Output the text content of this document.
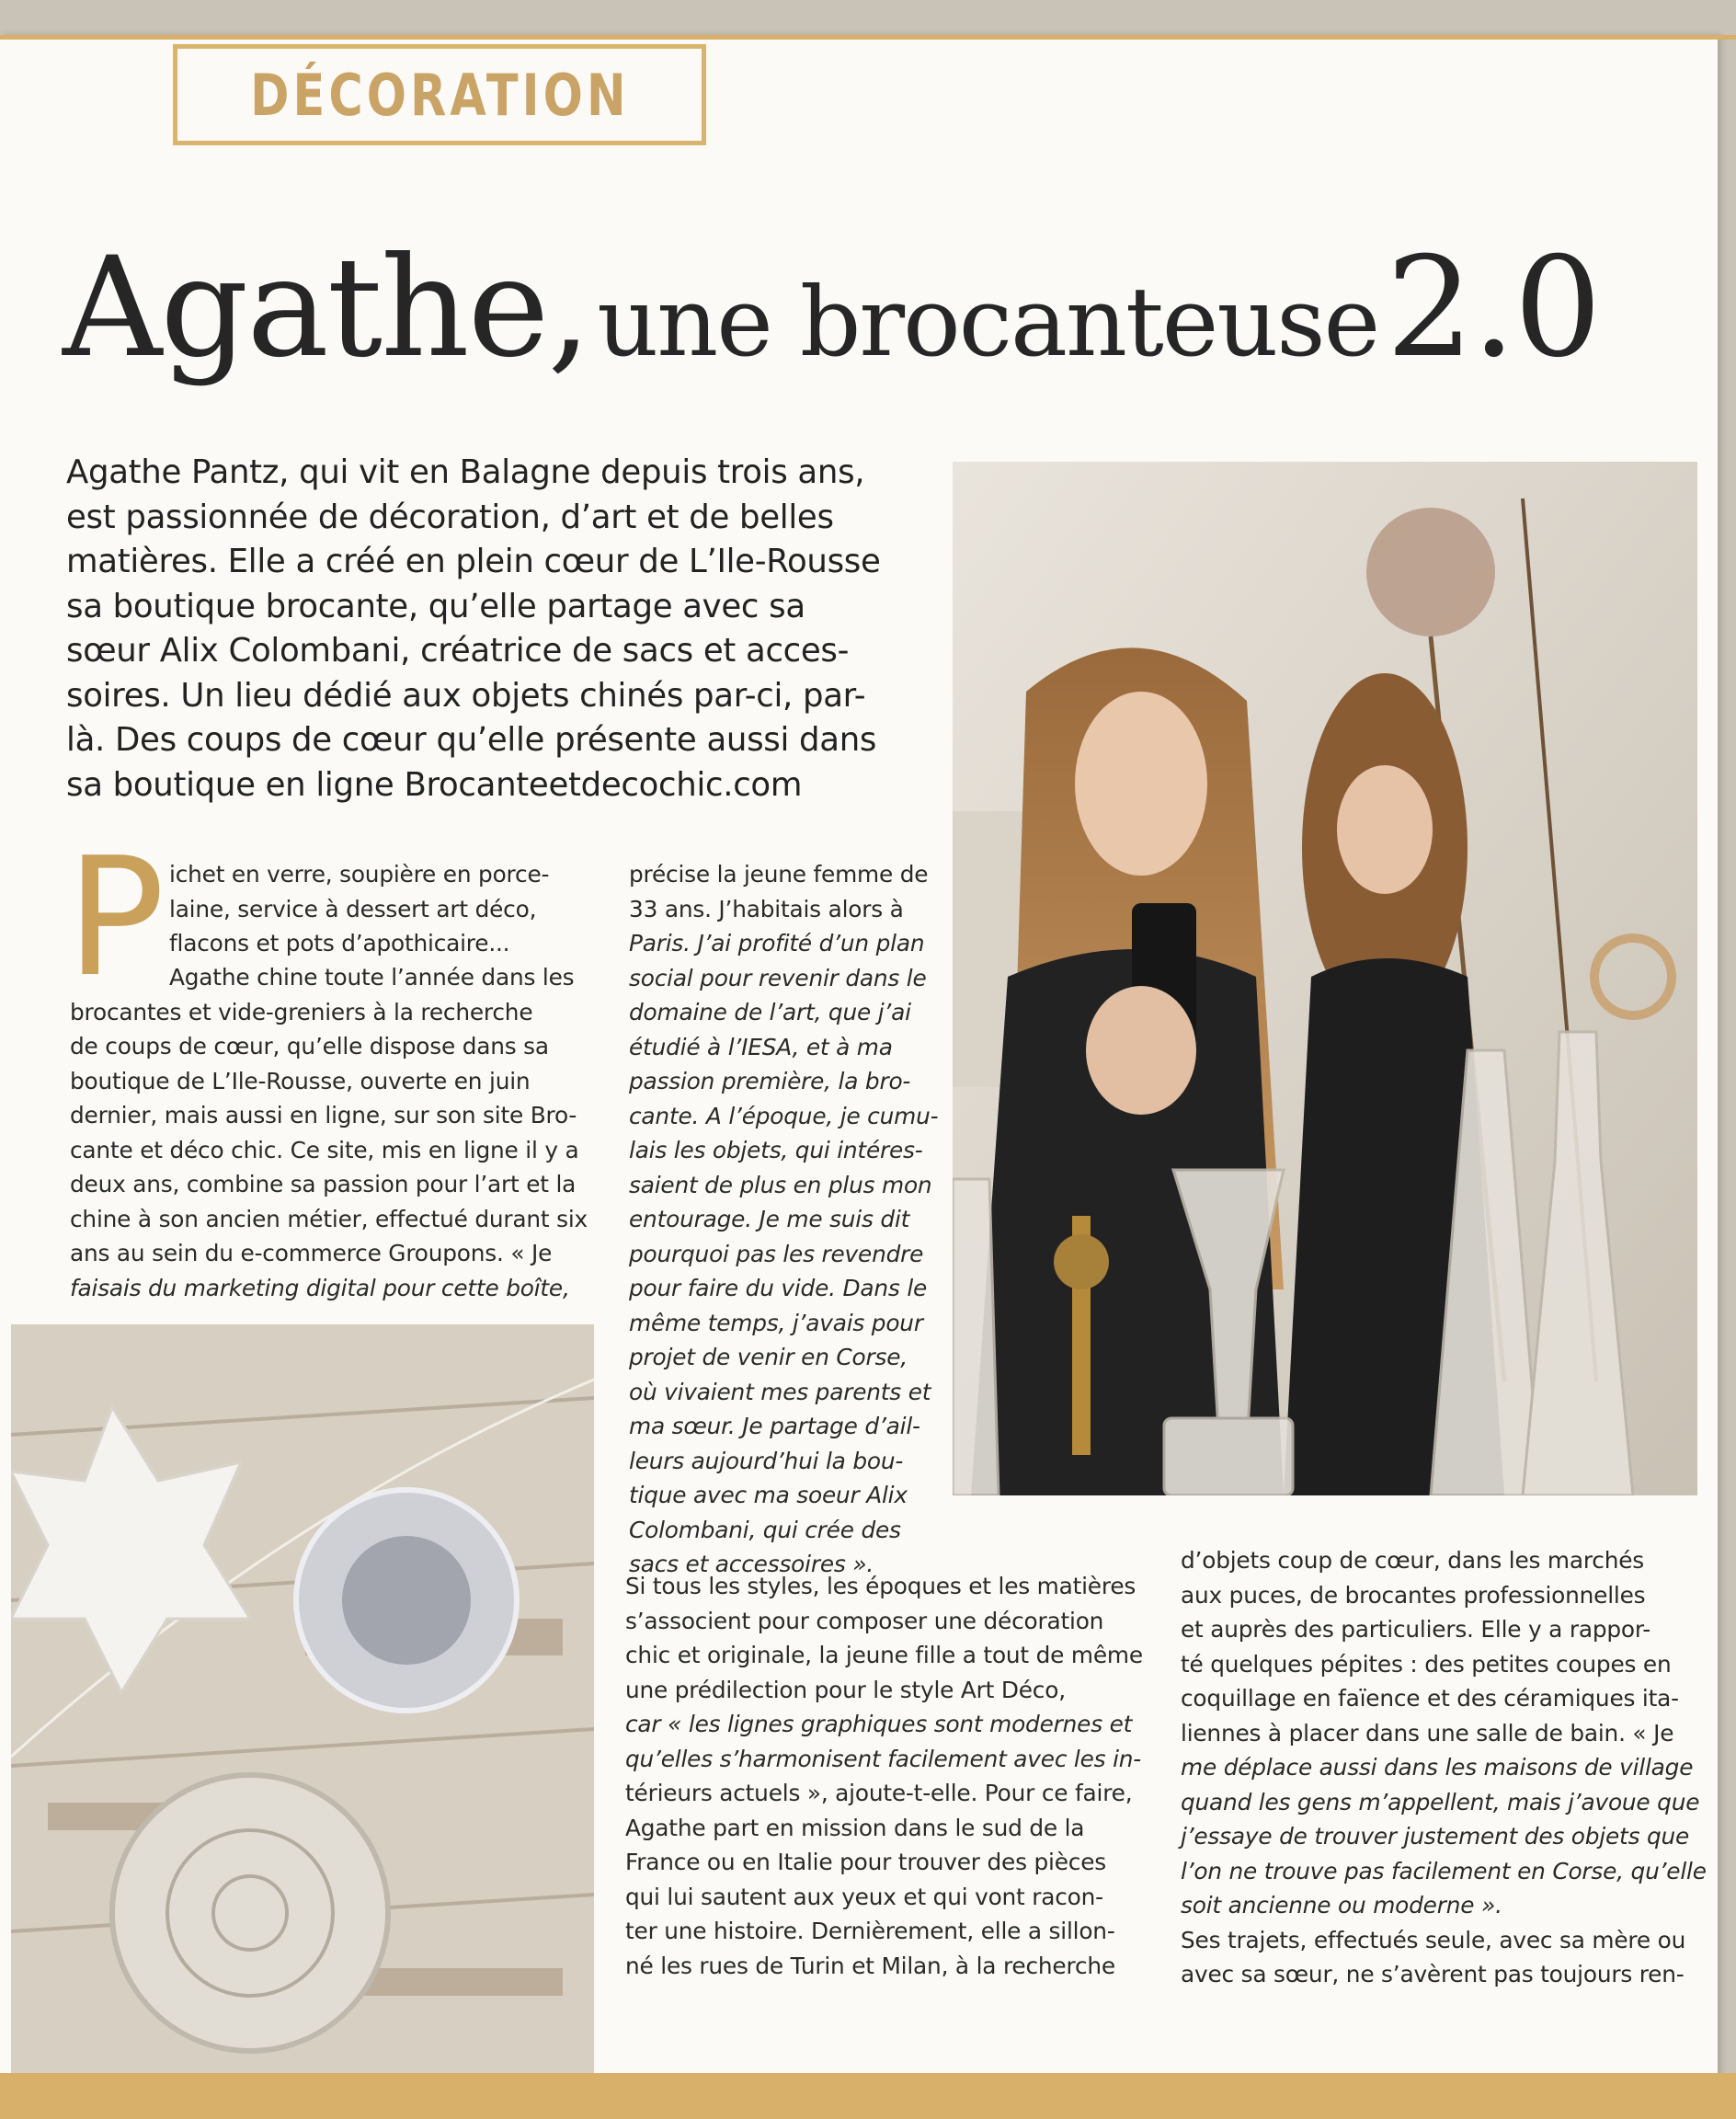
DÉCORATION
Agathe, une brocanteuse 2.0
Agathe Pantz, qui vit en Balagne depuis trois ans,
est passionnée de décoration, d’art et de belles
matières. Elle a créé en plein cœur de L’Ile-Rousse
sa boutique brocante, qu’elle partage avec sa
sœur Alix Colombani, créatrice de sacs et acces-
soires. Un lieu dédié aux objets chinés par-ci, par-
là. Des coups de cœur qu’elle présente aussi dans
sa boutique en ligne Brocanteetdecochic.com
P ichet en verre, soupière en porce-
laine, service à dessert art déco,
flacons et pots d’apothicaire...
Agathe chine toute l’année dans les
brocantes et vide-greniers à la recherche
de coups de cœur, qu’elle dispose dans sa
boutique de L’Ile-Rousse, ouverte en juin
dernier, mais aussi en ligne, sur son site Bro-
cante et déco chic. Ce site, mis en ligne il y a
deux ans, combine sa passion pour l’art et la
chine à son ancien métier, effectué durant six
ans au sein du e-commerce Groupons. « Je
faisais du marketing digital pour cette boîte,
précise la jeune femme de
33 ans. J’habitais alors à
Paris. J’ai profité d’un plan
social pour revenir dans le
domaine de l’art, que j’ai
étudié à l’IESA, et à ma
passion première, la bro-
cante. A l’époque, je cumu-
lais les objets, qui intéres-
saient de plus en plus mon
entourage. Je me suis dit
pourquoi pas les revendre
pour faire du vide. Dans le
même temps, j’avais pour
projet de venir en Corse,
où vivaient mes parents et
ma sœur. Je partage d’ail-
leurs aujourd’hui la bou-
tique avec ma soeur Alix
Colombani, qui crée des
sacs et accessoires ».
Si tous les styles, les époques et les matières
s’associent pour composer une décoration
chic et originale, la jeune fille a tout de même
une prédilection pour le style Art Déco,
car « les lignes graphiques sont modernes et
qu’elles s’harmonisent facilement avec les in-
térieurs actuels », ajoute-t-elle. Pour ce faire,
Agathe part en mission dans le sud de la
France ou en Italie pour trouver des pièces
qui lui sautent aux yeux et qui vont racon-
ter une histoire. Dernièrement, elle a sillon-
né les rues de Turin et Milan, à la recherche
d’objets coup de cœur, dans les marchés
aux puces, de brocantes professionnelles
et auprès des particuliers. Elle y a rappor-
té quelques pépites : des petites coupes en
coquillage en faïence et des céramiques ita-
liennes à placer dans une salle de bain. « Je
me déplace aussi dans les maisons de village
quand les gens m’appellent, mais j’avoue que
j’essaye de trouver justement des objets que
l’on ne trouve pas facilement en Corse, qu’elle
soit ancienne ou moderne ».
Ses trajets, effectués seule, avec sa mère ou
avec sa sœur, ne s’avèrent pas toujours ren-
